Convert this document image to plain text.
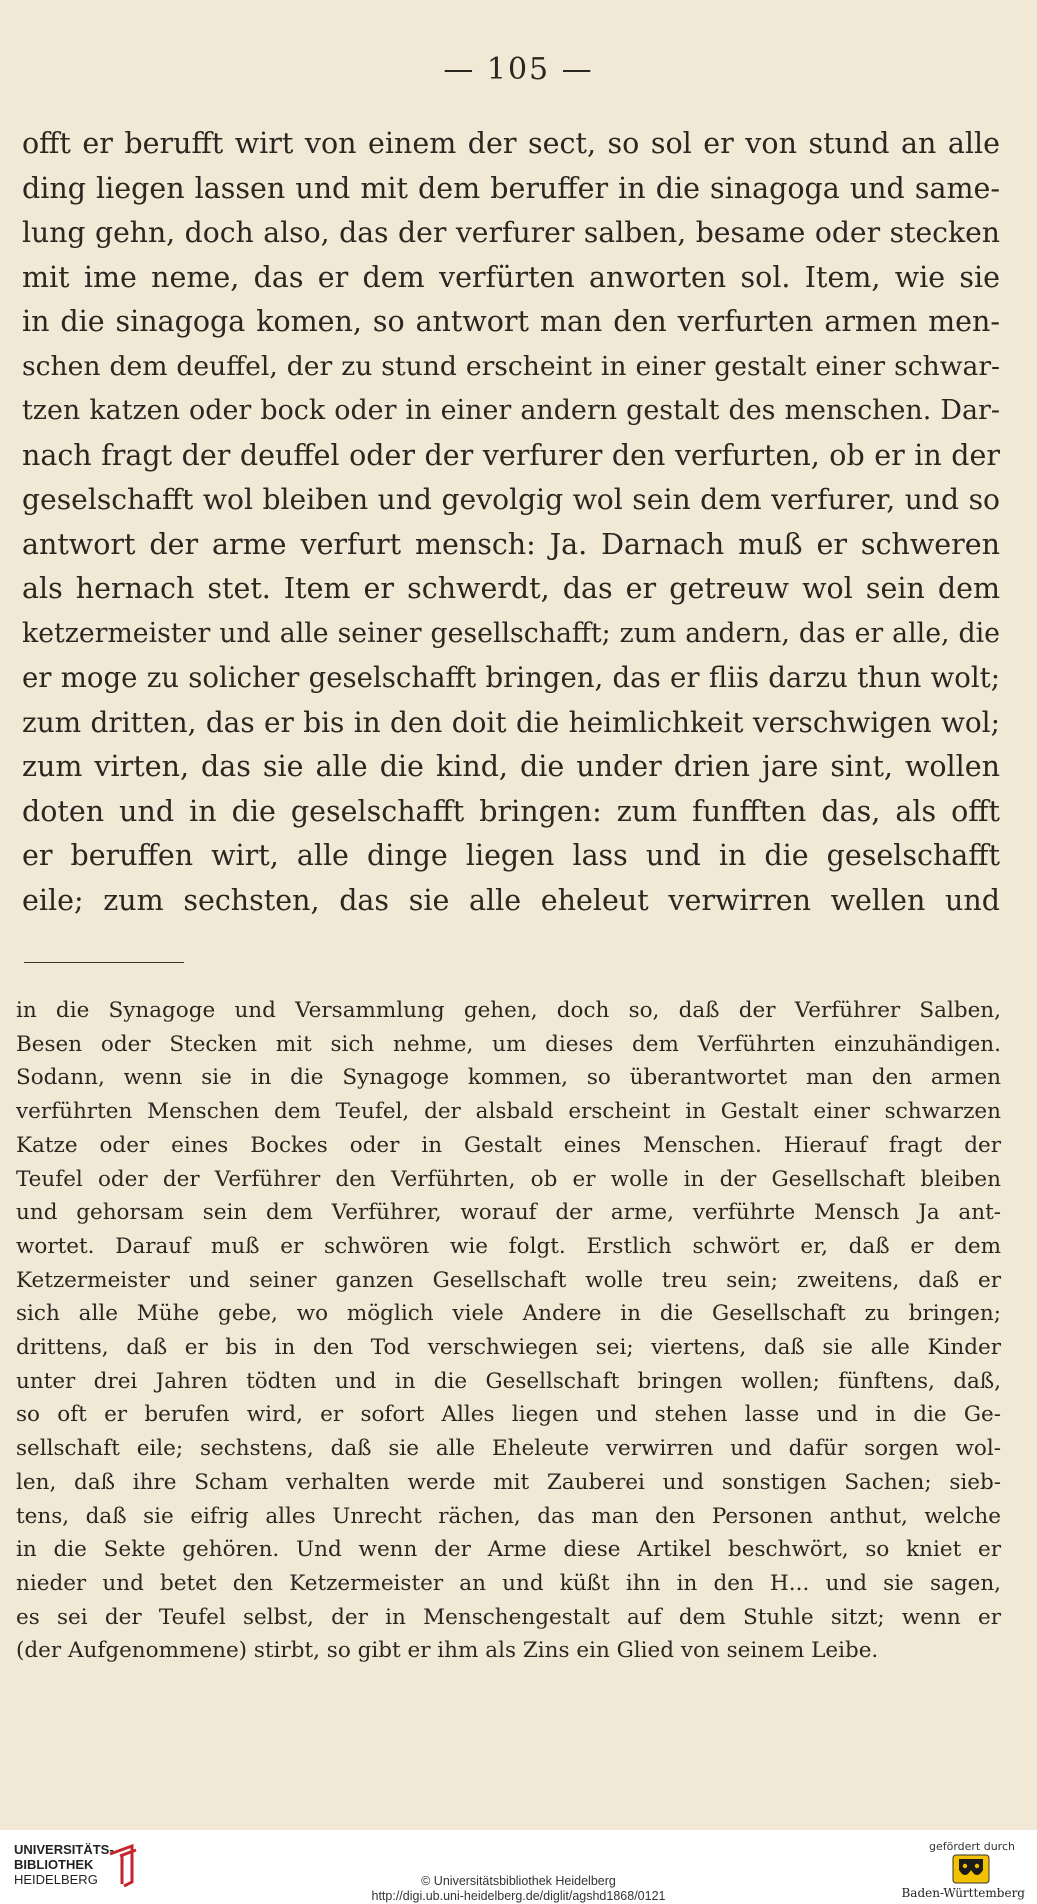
— 105 —
offt er berufft wirt von einem der sect, so sol er von stund an alle
ding liegen lassen und mit dem beruffer in die sinagoga und same-
lung gehn, doch also, das der verfurer salben, besame oder stecken
mit ime neme, das er dem verfürten anworten sol. Item, wie sie
in die sinagoga komen, so antwort man den verfurten armen men-
schen dem deuffel, der zu stund erscheint in einer gestalt einer schwar-
tzen katzen oder bock oder in einer andern gestalt des menschen. Dar-
nach fragt der deuffel oder der verfurer den verfurten, ob er in der
geselschafft wol bleiben und gevolgig wol sein dem verfurer, und so
antwort der arme verfurt mensch: Ja. Darnach muß er schweren
als hernach stet. Item er schwerdt, das er getreuw wol sein dem
ketzermeister und alle seiner gesellschafft; zum andern, das er alle, die
er moge zu solicher geselschafft bringen, das er fliis darzu thun wolt;
zum dritten, das er bis in den doit die heimlichkeit verschwigen wol;
zum virten, das sie alle die kind, die under drien jare sint, wollen
doten und in die geselschafft bringen: zum funfften das, als offt
er beruffen wirt, alle dinge liegen lass und in die geselschafft
eile; zum sechsten, das sie alle eheleut verwirren wellen und
in die Synagoge und Versammlung gehen, doch so, daß der Verführer Salben,
Besen oder Stecken mit sich nehme, um dieses dem Verführten einzuhändigen.
Sodann, wenn sie in die Synagoge kommen, so überantwortet man den armen
verführten Menschen dem Teufel, der alsbald erscheint in Gestalt einer schwarzen
Katze oder eines Bockes oder in Gestalt eines Menschen. Hierauf fragt der
Teufel oder der Verführer den Verführten, ob er wolle in der Gesellschaft bleiben
und gehorsam sein dem Verführer, worauf der arme, verführte Mensch Ja ant-
wortet. Darauf muß er schwören wie folgt. Erstlich schwört er, daß er dem
Ketzermeister und seiner ganzen Gesellschaft wolle treu sein; zweitens, daß er
sich alle Mühe gebe, wo möglich viele Andere in die Gesellschaft zu bringen;
drittens, daß er bis in den Tod verschwiegen sei; viertens, daß sie alle Kinder
unter drei Jahren tödten und in die Gesellschaft bringen wollen; fünftens, daß,
so oft er berufen wird, er sofort Alles liegen und stehen lasse und in die Ge-
sellschaft eile; sechstens, daß sie alle Eheleute verwirren und dafür sorgen wol-
len, daß ihre Scham verhalten werde mit Zauberei und sonstigen Sachen; sieb-
tens, daß sie eifrig alles Unrecht rächen, das man den Personen anthut, welche
in die Sekte gehören. Und wenn der Arme diese Artikel beschwört, so kniet er
nieder und betet den Ketzermeister an und küßt ihn in den H... und sie sagen,
es sei der Teufel selbst, der in Menschengestalt auf dem Stuhle sitzt; wenn er
(der Aufgenommene) stirbt, so gibt er ihm als Zins ein Glied von seinem Leibe.
UNIVERSITÄTS-
BIBLIOTHEK
HEIDELBERG	© Universitätsbibliothek Heidelberg
http://digi.ub.uni-heidelberg.de/diglit/agshd1868/0121
gefördert durch
Baden-Württemberg
